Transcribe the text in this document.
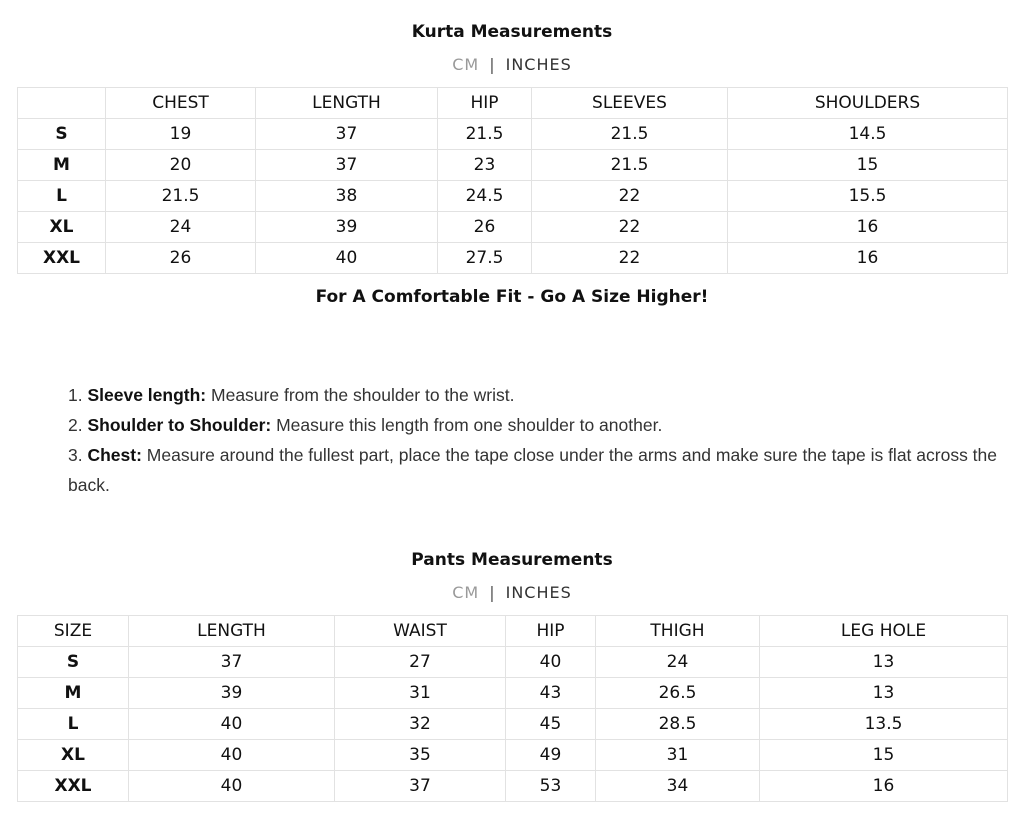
Kurta Measurements
CM | INCHES
	CHEST	LENGTH	HIP	SLEEVES	SHOULDERS
S	19	37	21.5	21.5	14.5
M	20	37	23	21.5	15
L	21.5	38	24.5	22	15.5
XL	24	39	26	22	16
XXL	26	40	27.5	22	16
For A Comfortable Fit - Go A Size Higher!
1. Sleeve length: Measure from the shoulder to the wrist.
2. Shoulder to Shoulder: Measure this length from one shoulder to another.
3. Chest: Measure around the fullest part, place the tape close under the arms and make sure the tape is flat across the back.
Pants Measurements
CM | INCHES
SIZE	LENGTH	WAIST	HIP	THIGH	LEG HOLE
S	37	27	40	24	13
M	39	31	43	26.5	13
L	40	32	45	28.5	13.5
XL	40	35	49	31	15
XXL	40	37	53	34	16
